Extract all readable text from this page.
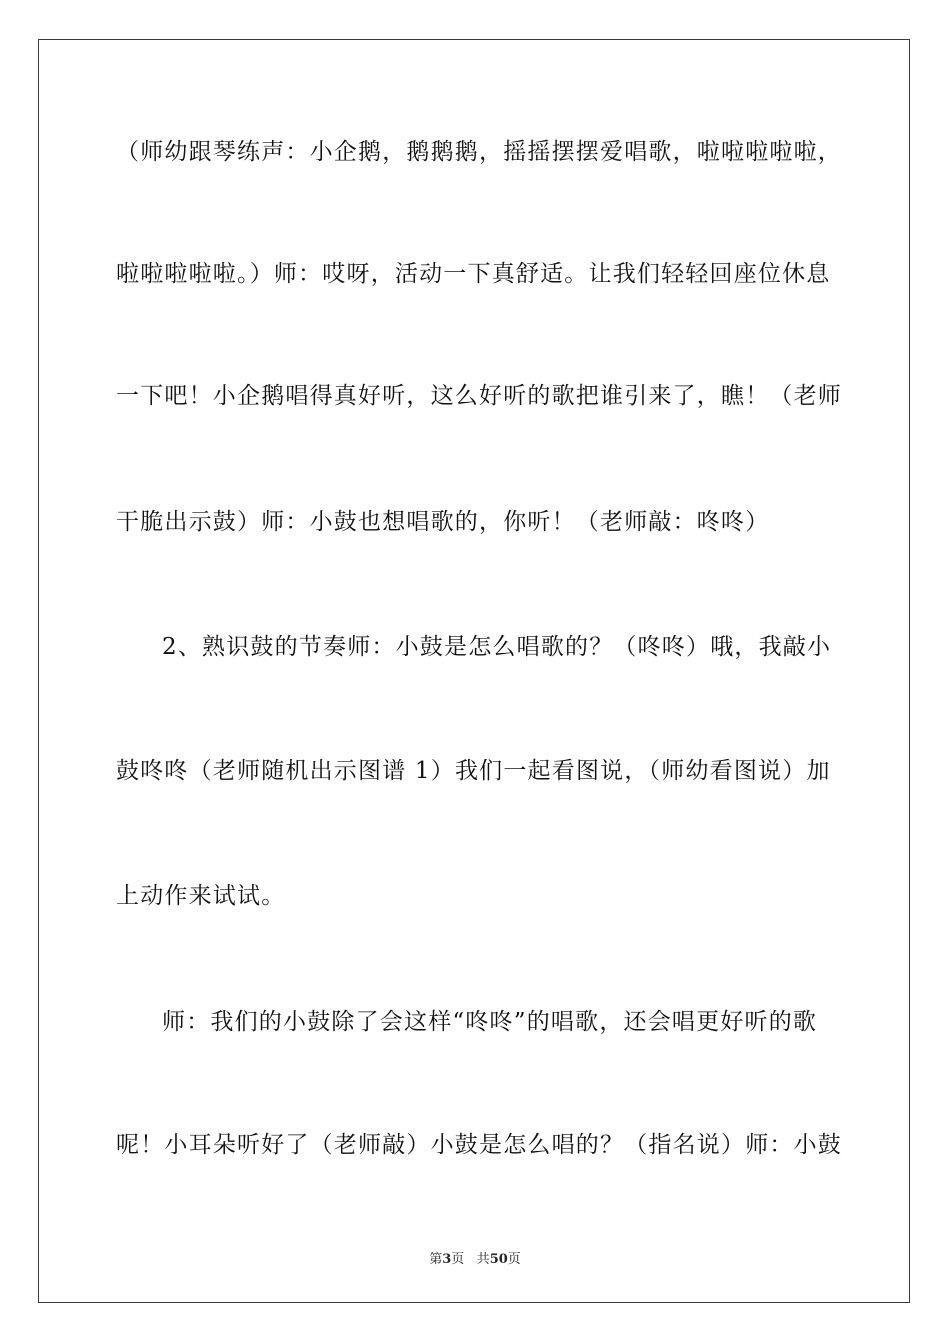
（师幼跟琴练声：小企鹅，鹅鹅鹅，摇摇摆摆爱唱歌，啦啦啦啦啦，
啦啦啦啦啦。）师：哎呀，活动一下真舒适。让我们轻轻回座位休息
一下吧！小企鹅唱得真好听，这么好听的歌把谁引来了，瞧！（老师
干脆出示鼓）师：小鼓也想唱歌的，你听！（老师敲：咚咚）
2、熟识鼓的节奏师：小鼓是怎么唱歌的？（咚咚）哦，我敲小
鼓咚咚（老师随机出示图谱 1）我们一起看图说，（师幼看图说）加
上动作来试试。
师：我们的小鼓除了会这样“咚咚”的唱歌，还会唱更好听的歌
呢！小耳朵听好了（老师敲）小鼓是怎么唱的？（指名说）师：小鼓
第3页 共50页
